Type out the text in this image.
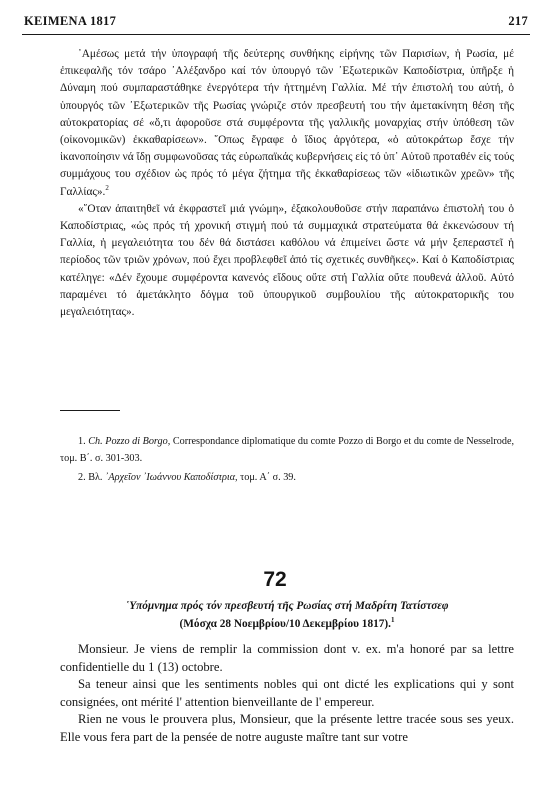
ΚΕΙΜΕΝΑ 1817	217

᾿Αμέσως μετά τήν ὑπογραφή τῆς δεύτερης συνθήκης εἰρήνης τῶν Παρισίων, ἡ Ρωσία, μέ ἐπικεφαλῆς τόν τσάρο ᾿Αλέξανδρο καί τόν ὑπουργό τῶν ᾿Εξωτερικῶν Καποδίστρια, ὑπῆρξε ἡ Δύναμη πού συμπαραστάθηκε ἐνεργότερα τήν ἡττημένη Γαλλία. Μέ τήν ἐπιστολή του αὐτή, ὁ ὑπουργός τῶν ᾿Εξωτερικῶν τῆς Ρωσίας γνώριζε στόν πρεσβευτή του τήν ἀμετακίνητη θέση τῆς αὐτοκρατορίας σέ «ὅ,τι ἀφοροῦσε στά συμφέροντα τῆς γαλλικῆς μοναρχίας στήν ὑπόθεση τῶν (οἰκονομικῶν) ἐκκαθαρίσεων». ῞Οπως ἔγραφε ὁ ἴδιος ἀργότερα, «ὁ αὐτοκράτωρ ἔσχε τήν ἱκανοποίησιν νά ἴδῃ συμφωνοῦσας τάς εὐρωπαϊκάς κυβερνήσεις εἰς τό ὑπ᾿ Αὐτοῦ προταθέν εἰς τούς συμμάχους του σχέδιον ὡς πρός τό μέγα ζήτημα τῆς ἐκκαθαρίσεως τῶν «ἰδιωτικῶν χρεῶν» τῆς Γαλλίας».$^2$

«῞Οταν ἀπαιτηθεῖ νά ἐκφραστεῖ μιά γνώμη», ἐξακολουθοῦσε στήν παραπάνω ἐπιστολή του ὁ Καποδίστριας, «ὡς πρός τή χρονική στιγμή πού τά συμμαχικά στρατεύματα θά ἐκκενώσουν τή Γαλλία, ἡ μεγαλειότητα του δέν θά διστάσει καθόλου νά ἐπιμείνει ὥστε νά μήν ξεπεραστεῖ ἡ περίοδος τῶν τριῶν χρόνων, πού ἔχει προβλεφθεῖ ἀπό τίς σχετικές συνθῆκες». Καί ὁ Καποδίστριας κατέληγε: «Δέν ἔχουμε συμφέροντα κανενός εἴδους οὔτε στή Γαλλία οὔτε πουθενά ἀλλοῦ. Αὐτό παραμένει τό ἀμετάκλητο δόγμα τοῦ ὑπουργικοῦ συμβουλίου τῆς αὐτοκρατορικῆς του μεγαλειότητας».

1. Ch. Pozzo di Borgo, Correspondance diplomatique du comte Pozzo di Borgo et du comte de Nesselrode, τομ. Β΄. σ. 301-303.

2. Βλ. ᾿Αρχεῖον ᾿Ιωάννου Καποδίστρια, τομ. Α΄ σ. 39.

72
῾Υπόμνημα πρός τόν πρεσβευτή τῆς Ρωσίας στή Μαδρίτη Τατίστσεφ
(Μόσχα 28 Νοεμβρίου/10 Δεκεμβρίου 1817).$^1$

Monsieur. Je viens de remplir la commission dont v. ex. m'a honoré par sa lettre confidentielle du 1 (13) octobre.

Sa teneur ainsi que les sentiments nobles qui ont dicté les explications qui y sont consignées, ont mérité l' attention bienveillante de l' empereur.

Rien ne vous le prouvera plus, Monsieur, que la présente lettre tracée sous ses yeux. Elle vous fera part de la pensée de notre auguste maître tant sur votre
